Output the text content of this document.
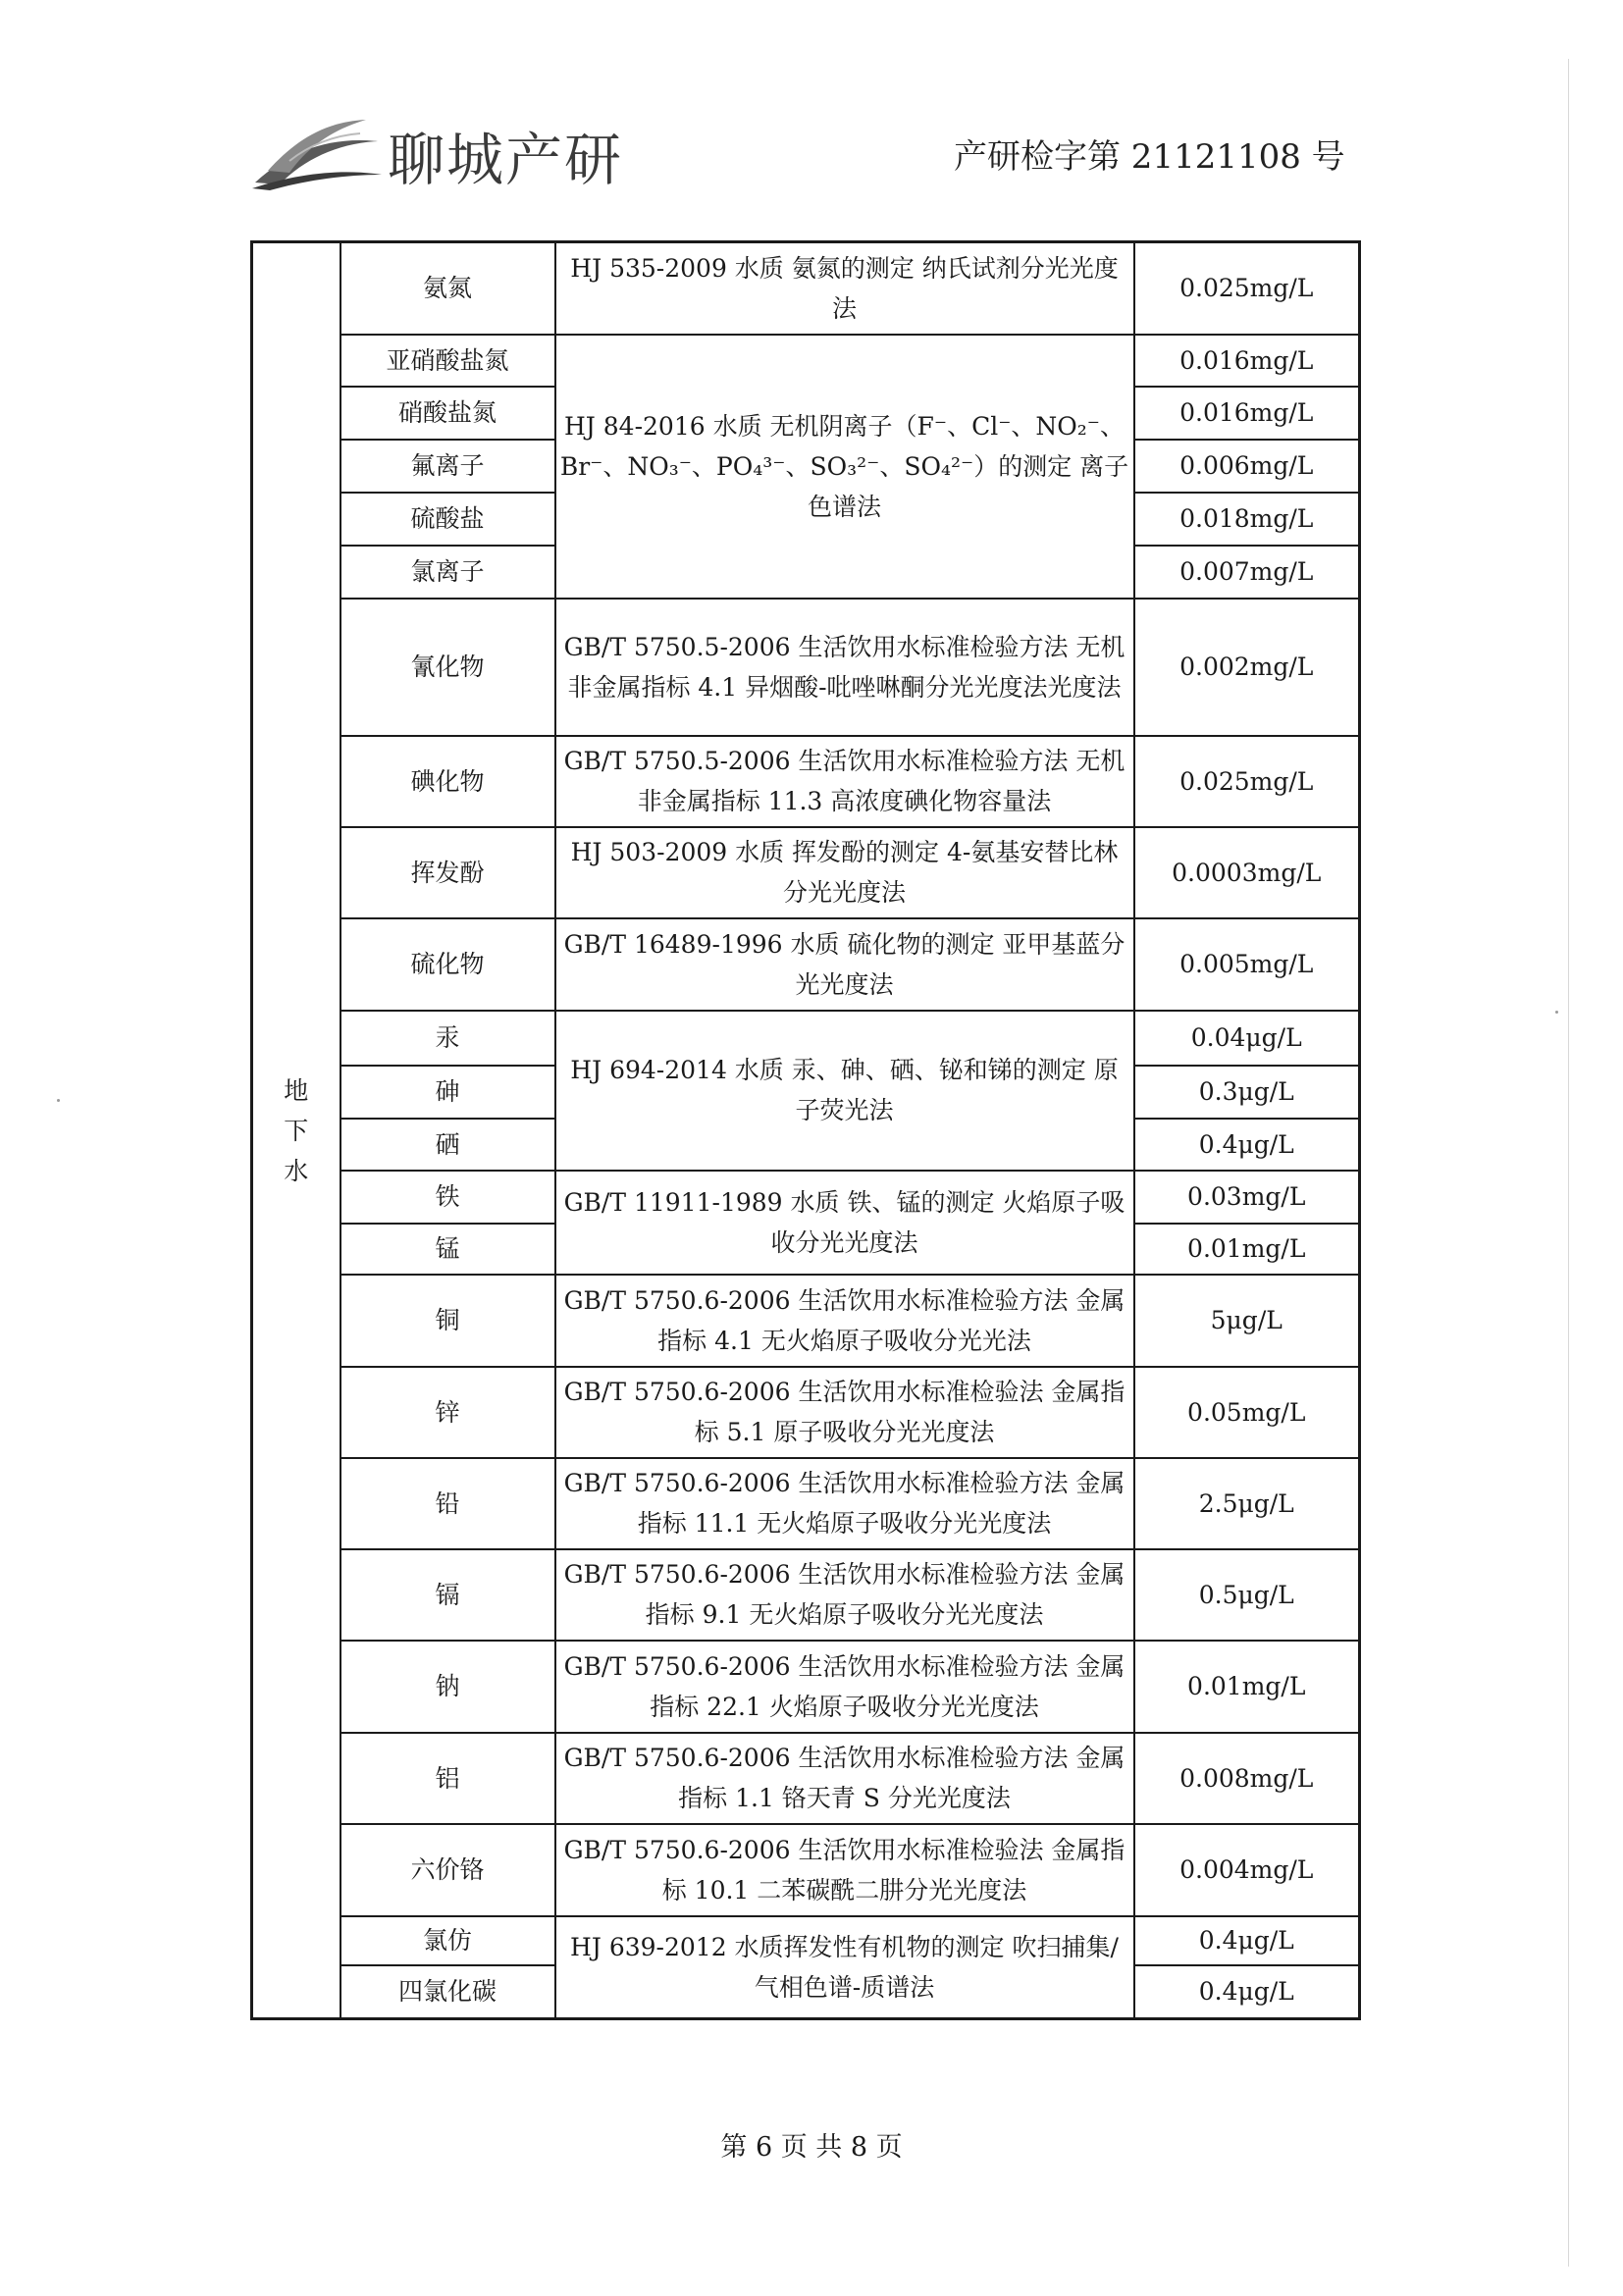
聊城产研	产研检字第 21121108 号
地下水	氨氮	HJ 535-2009 水质 氨氮的测定 纳氏试剂分光光度法	0.025mg/L
	亚硝酸盐氮	HJ 84-2016 水质 无机阴离子（F⁻、Cl⁻、NO₂⁻、Br⁻、NO₃⁻、PO₄³⁻、SO₃²⁻、SO₄²⁻）的测定 离子色谱法	0.016mg/L
	硝酸盐氮		0.016mg/L
	氟离子		0.006mg/L
	硫酸盐		0.018mg/L
	氯离子		0.007mg/L
	氰化物	GB/T 5750.5-2006 生活饮用水标准检验方法 无机非金属指标 4.1 异烟酸-吡唑啉酮分光光度法光度法	0.002mg/L
	碘化物	GB/T 5750.5-2006 生活饮用水标准检验方法 无机非金属指标 11.3 高浓度碘化物容量法	0.025mg/L
	挥发酚	HJ 503-2009 水质 挥发酚的测定 4-氨基安替比林分光光度法	0.0003mg/L
	硫化物	GB/T 16489-1996 水质 硫化物的测定 亚甲基蓝分光光度法	0.005mg/L
	汞	HJ 694-2014 水质 汞、砷、硒、铋和锑的测定 原子荧光法	0.04μg/L
	砷		0.3μg/L
	硒		0.4μg/L
	铁	GB/T 11911-1989 水质 铁、锰的测定 火焰原子吸收分光光度法	0.03mg/L
	锰		0.01mg/L
	铜	GB/T 5750.6-2006 生活饮用水标准检验方法 金属指标 4.1 无火焰原子吸收分光光法	5μg/L
	锌	GB/T 5750.6-2006 生活饮用水标准检验法 金属指标 5.1 原子吸收分光光度法	0.05mg/L
	铅	GB/T 5750.6-2006 生活饮用水标准检验方法 金属指标 11.1 无火焰原子吸收分光光度法	2.5μg/L
	镉	GB/T 5750.6-2006 生活饮用水标准检验方法 金属指标 9.1 无火焰原子吸收分光光度法	0.5μg/L
	钠	GB/T 5750.6-2006 生活饮用水标准检验方法 金属指标 22.1 火焰原子吸收分光光度法	0.01mg/L
	铝	GB/T 5750.6-2006 生活饮用水标准检验方法 金属指标 1.1 铬天青 S 分光光度法	0.008mg/L
	六价铬	GB/T 5750.6-2006 生活饮用水标准检验法 金属指标 10.1 二苯碳酰二肼分光光度法	0.004mg/L
	氯仿	HJ 639-2012 水质挥发性有机物的测定 吹扫捕集/气相色谱-质谱法	0.4μg/L
	四氯化碳		0.4μg/L
第 6 页 共 8 页
